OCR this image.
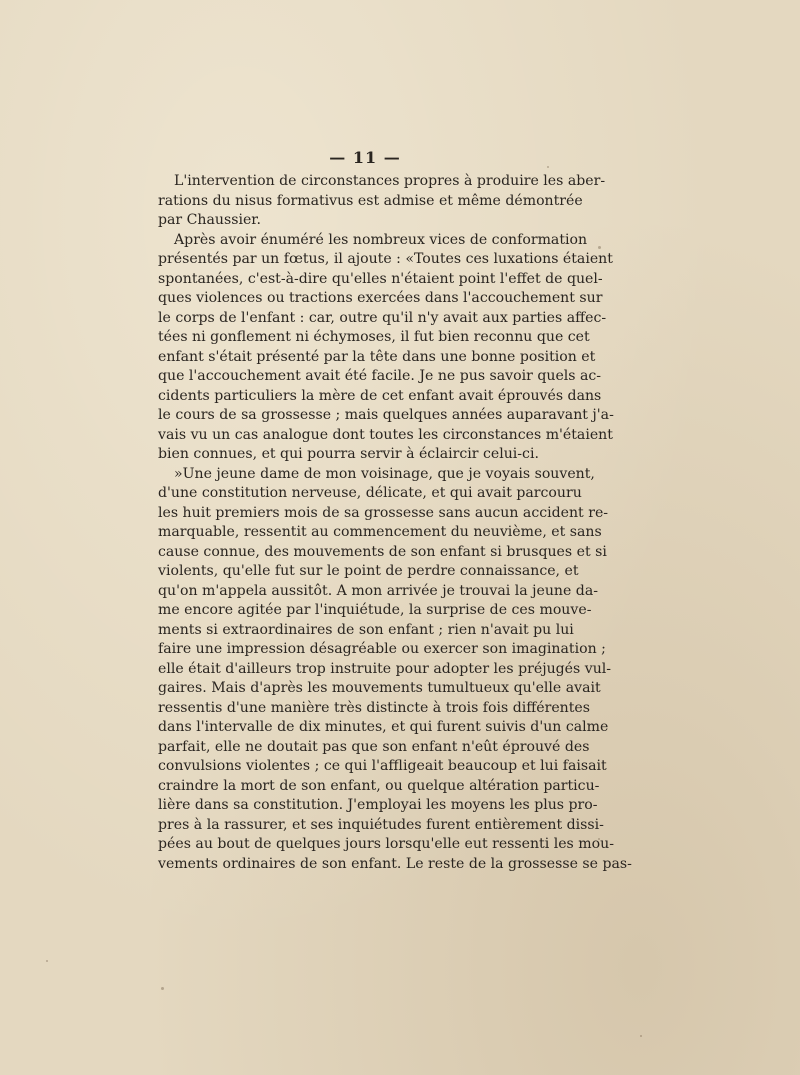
— 11 —
L'intervention de circonstances propres à produire les aber-
rations du nisus formativus est admise et même démontrée
par Chaussier.
Après avoir énuméré les nombreux vices de conformation
présentés par un fœtus, il ajoute : «Toutes ces luxations étaient
spontanées, c'est-à-dire qu'elles n'étaient point l'effet de quel-
ques violences ou tractions exercées dans l'accouchement sur
le corps de l'enfant : car, outre qu'il n'y avait aux parties affec-
tées ni gonflement ni échymoses, il fut bien reconnu que cet
enfant s'était présenté par la tête dans une bonne position et
que l'accouchement avait été facile. Je ne pus savoir quels ac-
cidents particuliers la mère de cet enfant avait éprouvés dans
le cours de sa grossesse ; mais quelques années auparavant j'a-
vais vu un cas analogue dont toutes les circonstances m'étaient
bien connues, et qui pourra servir à éclaircir celui-ci.
»Une jeune dame de mon voisinage, que je voyais souvent,
d'une constitution nerveuse, délicate, et qui avait parcouru
les huit premiers mois de sa grossesse sans aucun accident re-
marquable, ressentit au commencement du neuvième, et sans
cause connue, des mouvements de son enfant si brusques et si
violents, qu'elle fut sur le point de perdre connaissance, et
qu'on m'appela aussitôt. A mon arrivée je trouvai la jeune da-
me encore agitée par l'inquiétude, la surprise de ces mouve-
ments si extraordinaires de son enfant ; rien n'avait pu lui
faire une impression désagréable ou exercer son imagination ;
elle était d'ailleurs trop instruite pour adopter les préjugés vul-
gaires. Mais d'après les mouvements tumultueux qu'elle avait
ressentis d'une manière très distincte à trois fois différentes
dans l'intervalle de dix minutes, et qui furent suivis d'un calme
parfait, elle ne doutait pas que son enfant n'eût éprouvé des
convulsions violentes ; ce qui l'affligeait beaucoup et lui faisait
craindre la mort de son enfant, ou quelque altération particu-
lière dans sa constitution. J'employai les moyens les plus pro-
pres à la rassurer, et ses inquiétudes furent entièrement dissi-
pées au bout de quelques jours lorsqu'elle eut ressenti les mou-
vements ordinaires de son enfant. Le reste de la grossesse se pas-
